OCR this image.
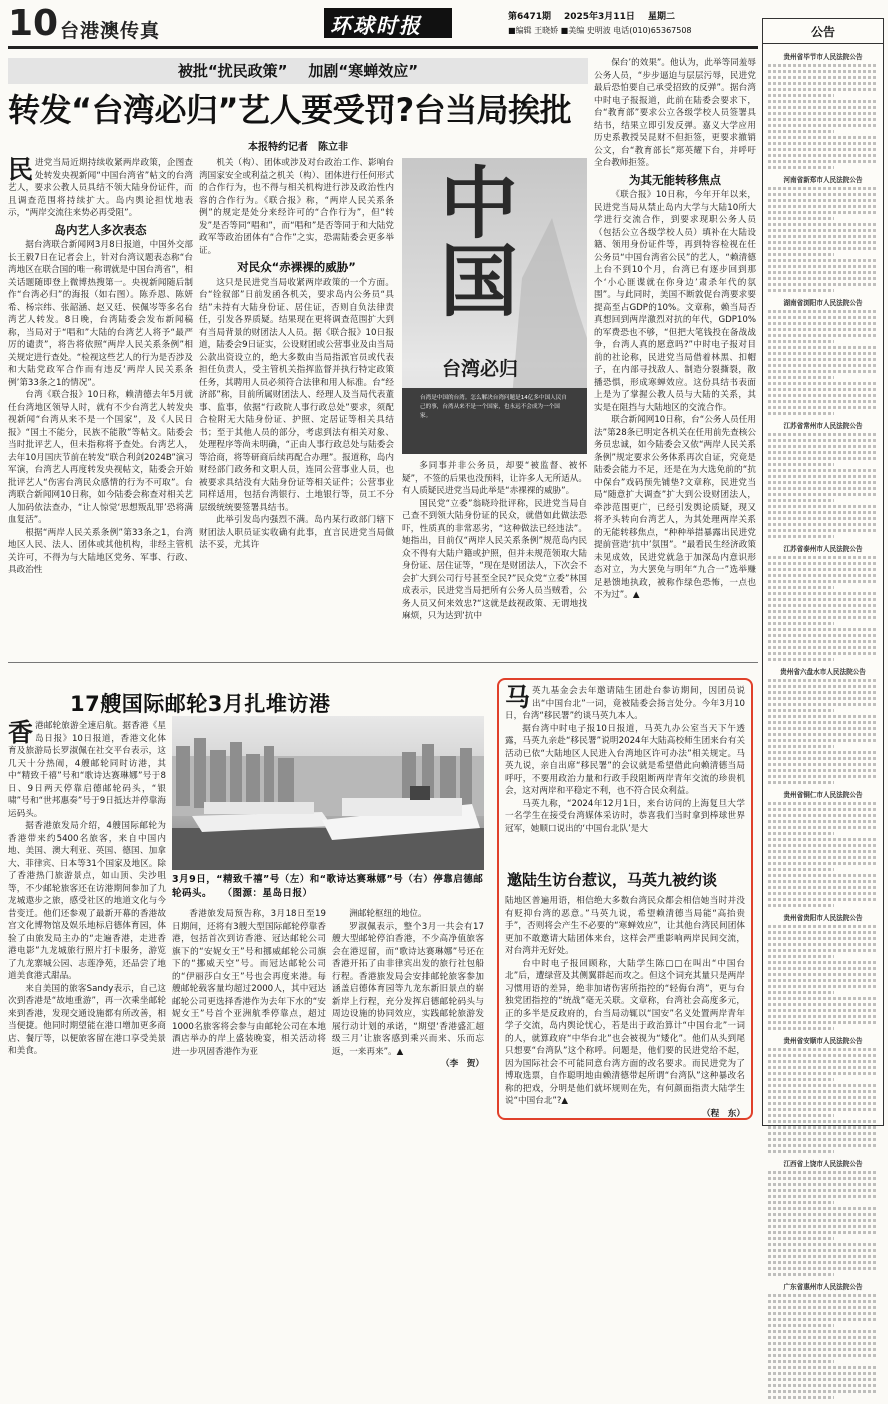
10 台港澳传真	环球时报	第6471期 2025年3月11日 星期二
■编辑 王晓娇 ■美编 史明波 电话(010)65367508	公告
贵州省毕节市人民法院公告
河南省新郑市人民法院公告
湖南省浏阳市人民法院公告
江苏省常州市人民法院公告
江苏省泰州市人民法院公告
贵州省六盘水市人民法院公告
贵州省铜仁市人民法院公告
贵州省贵阳市人民法院公告
贵州省安顺市人民法院公告
江西省上饶市人民法院公告
广东省惠州市人民法院公告
被批“扰民政策”    加剧“寒蝉效应”
转发“台湾必归”艺人要受罚?台当局挨批
本报特约记者　陈立非
民 进党当局近期持续收紧两岸政策，企图查处转发央视新闻“中国台湾省”帖文的台湾艺人，要求公教人员具结不领大陆身份证件，而且调查范围将持续扩大。岛内舆论担忧地表示，“两岸交流往来势必再受阻”。
岛内艺人多次表态

据台湾联合新闻网3月8日报道，中国外交部长王毅7日在记者会上，针对台湾议题表态称“台湾地区在联合国的唯一称谓就是中国台湾省”，相关话题随即登上微博热搜第一。央视新闻随后制作“台湾必归”的海报（如右图）。陈乔恩、陈妍希、杨宗纬、张韶涵、赵又廷、侯佩岑等多名台湾艺人转发。8日晚，台湾陆委会发布新闻稿称，当局对于“唱和”大陆的台湾艺人将予“最严厉的谴责”，将告将依照“两岸人民关系条例”相关规定进行查处。“检视这些艺人的行为是否涉及和大陆党政军合作而有违反‘两岸人民关系条例’第33条之1的情况”。

台湾《联合报》10日称，赖清德去年5月就任台湾地区领导人时，就有不少台湾艺人转发央视新闻“台湾从来不是一个国家”，及《人民日报》“国土不能分，民族不能散”等帖文。陆委会当时批评艺人，但未指称将予查处。台湾艺人，去年10月国庆节前在转发“联合利剑2024B”演习军演，台湾艺人再度转发央视帖文，陆委会开始批评艺人“伤害台湾民众感情的行为不可取”。台湾联合新闻网10日称，如今陆委会称查对相关艺人加码依法查办，“让人惊觉‘思想叛乱罪’恐将满血复活”。

根据“两岸人民关系条例”第33条之1，台湾地区人民、法人、团体或其他机构，非经主管机关许可，不得为与大陆地区党务、军事、行政、具政治性

机关（构）、团体或涉及对台政治工作、影响台湾国家安全或利益之机关（构）、团体进行任何形式的合作行为，也不得与相关机构进行涉及政治性内容的合作行为。《联合报》称，“两岸人民关系条例”的规定是处分来经许可的“合作行为”，但“转发”是否等同“唱和”，而“唱和”是否等同于和大陆党政军等政治团体有“合作”之实，恐需陆委会更多举证。

对民众“赤裸裸的威胁”

这只是民进党当局收紧两岸政策的一个方面。台“铨叙部”日前发函各机关，要求岛内公务员“具结”未持有大陆身份证、居住证，否则自负法律责任，引发各界质疑。结果现在更将调查范围扩大到有当局背景的财团法人人员。据《联合报》10日报道，陆委会9日证实，公设财团或公营事业及由当局公款出资设立的，绝大多数由当局指派官员或代表担任负责人，受主管机关指挥监督并执行特定政策任务，其聘用人员必须符合法律和用人标准。台“经济部”称，目前所属财团法人、经理人及当局代表董事、监事，依据“行政院人事行政总处”要求，须配合检附无大陆身份证、护照、定居证等相关具结书；至于其他人员的部分，考虑到法有相关对象、处理程序等尚未明确，“正由人事行政总处与陆委会等洽商，将等研商后续再配合办理”。报道称，岛内财经部门政务和文职人员，连同公营事业人员，也被要求具结没有大陆身份证等相关证件；公营事业同样适用，包括台湾银行、土地银行等，员工不分层级统统要签署具结书。

此举引发岛内强烈不满。岛内某行政部门辖下财团法人职员证实收确有此事，直言民进党当局做法不妥，尤其许

中国
台湾必归
台湾是中国的台湾。怎么解决台湾问题是14亿多中国人民自己的事，台湾从来不是一个国家，也永远不会成为一个国家。

多同事并非公务员，却要“被监督、被怀疑”，不签的后果也没预料，让许多人无所适从。有人质疑民进党当局此举是“赤裸裸的威胁”。

国民党“立委”翁晓玲批评称，民进党当局自己查不到领大陆身份证的民众，就借如此做法恐吓，性质真的非常恶劣，“这种做法已经违法”。她指出，目前仅“两岸人民关系条例”规范岛内民众不得有大陆户籍或护照，但并未规范领取大陆身份证、居住证等，“现在是财团法人，下次会不会扩大到公司行号甚至全民?”民众党“立委”林国成表示，民进党当局把所有公务人员当贼看，公务人员又何来效忠?“这就是歧视政策、无谓地找麻烦，只为达到‘抗中

保台’的效果”。他认为，此举等同羞辱公务人员，“步步逼迫与层层污辱，民进党最后恐怕要自己承受招致的反弹”。据台湾中时电子报报道，此前在陆委会要求下，台“教育部”要求公立各级学校人员签署具结书，结果立即引发反弹。嘉义大学应用历史系教授吴昆财不但拒签，更要求撤销公文，台“教育部长”郑英耀下台，并呼吁全台教师拒签。

为其无能转移焦点

《联合报》10日称，今年开年以来，民进党当局从禁止岛内大学与大陆10所大学进行交流合作，到要求现职公务人员（包括公立各级学校人员）填补在大陆设籍、领用身份证件等，再到特容检视在任公务员“中国台湾省公民”的艺人，“赖清德上台不到10个月，台湾已有逐步回到那个‘小心匪谍就在你身边’肃杀年代的氛围”。与此同时，美国不断敦促台湾要求要提高至占GDP的10%。文章称，赖当局否真想回到两岸激烈对抗的年代，GDP10%的军费恐也不够，“但把大笔钱投在备战战争，台湾人真的愿意吗?”中时电子报对目前的社论称，民进党当局借着林黑、扣帽子，在内部寻找敌人、制造分裂撕裂，散播恐惧，形成寒蝉效应。这份具结书表面上是为了掌握公教人员与大陆的关系，其实是在阻挡与大陆地区的交流合作。

联合新闻网10日称，台“公务人员任用法”第28条已明定各机关在任用前先查核公务员忠诚，如今陆委会又依“两岸人民关系条例”规定要求公务体系再次自证，究竟是陆委会能力不足，还是在为大选免前的“抗中保台”戏码预先铺垫?文章称，民进党当局“随意扩大调查”扩大到公设财团法人，牵涉范围更广，已经引发舆论质疑，现又将矛头转向台湾艺人，为其处理两岸关系的无能转移焦点，“种种举措暴露出民进党提前营造‘抗中’氛围”。“最看民生经济政策未见成效，民进党就急于加深岛内意识形态对立，为大罢免与明年“九合一”选举赚足悬馈地执政，被称作绿色恐怖，一点也不为过”。▲

17艘国际邮轮3月扎堆访港
香 港邮轮旅游全速启航。据香港《星岛日报》10日报道，香港文化体育及旅游局长罗淑佩在社交平台表示，这几天十分热闹，4艘邮轮同时访港，其中“精致千禧”号和“歌诗达赛琳娜”号于8日、9日两天停靠启德邮轮码头，“银啸”号和“世邦惠奏”号于9日抵达并停靠海运码头。

据香港旅发局介绍，4艘国际邮轮为香港带来约5400名旅客，来自中国内地、美国、澳大利亚、英国、德国、加拿大、菲律宾、日本等31个国家及地区。除了香港热门旅游景点，如山顶、尖沙咀等，不少邮轮旅客还在访港期间参加了九龙城遨步之旅，感受社区的地道文化与今昔变迁。他们还参观了最新开幕的香港故宫文化博物馆及娱乐地标启德体育园，体验了由旅发局主办的“走遍香港，走进香港电影”九龙城旅行照片打卡服务，游览了九龙寨城公园、志莲净苑，还品尝了地道美食港式甜品。

来自美国的旅客Sandy表示，自己这次到香港是“故地重游”，再一次乘坐邮轮来到香港，发现交通设施都有所改善，相当便捷。他同时期望能在港口增加更多商店、餐厅等，以便旅客留在港口享受美景和美食。

3月9日，“精致千禧”号（左）和“歌诗达赛琳娜”号（右）停靠启德邮轮码头。　　（图源：星岛日报）

香港旅发局预告称，3月18日至19日期间，还将有3艘大型国际邮轮停靠香港，包括首次到访香港、冠达邮轮公司旗下的“安妮女王”号和挪威邮轮公司旗下的“挪威天空”号。而冠达邮轮公司的“伊丽莎白女王”号也会再度来港。每艘邮轮载客量均超过2000人，其中冠达邮轮公司更选择香港作为去年下水的“安妮女王”号首个亚洲航季停靠点，超过1000名旅客将会参与由邮轮公司在本地酒店举办的岸上盛装晚宴，相关活动将进一步巩固香港作为亚

洲邮轮枢纽的地位。

罗淑佩表示，整个3月一共会有17艘大型邮轮停泊香港，不少高净值旅客会在港逗留，而“歌诗达赛琳娜”号还在香港开拓了由非律宾出发的旅行社包船行程。香港旅发局会安排邮轮旅客参加涵盖启德体育园等九龙东新旧景点的崭新岸上行程，充分发挥启德邮轮码头与周边设施的协同效应，实践邮轮旅游发展行动计划的承诺，“期望‘香港盛汇超级三月’让旅客感到乘兴而来、乐而忘返，一来再来”。▲

（李　贺）
马 英九基金会去年邀请陆生团赴台参访期间，因团员说出“中国台北”一词，竟被陆委会扬言处分。今年3月10日，台湾“移民署”约谈马英九本人。

据台湾中时电子报10日报道，马英九办公室当天下午透露，马英九亲赴“移民署”说明2024年大陆高校师生团来台有关活动已依“大陆地区人民进入台湾地区许可办法”相关规定。马英九说，亲自出席“移民署”的会议就是希望借此向赖清德当局呼吁，不要用政治力量和行政手段阻断两岸青年交流的珍贵机会，这对两岸和平稳定不利，也不符合民众利益。

马英九称，“2024年12月1日，来台访问的上海复旦大学一名学生在接受台湾媒体采访时，恭喜我们当时拿到棒球世界冠军，她顺口说出的‘中国台北队’是大

邀陆生访台惹议，马英九被约谈

陆地区普遍用语，相信绝大多数台湾民众都会相信她当时并没有贬抑台湾的恶意。”马英九说，希望赖清德当局能“高抬贵手”，否则将会产生不必要的“寒蝉效应”，让其他台湾民间团体更加不敢邀请大陆团体来台，这样会严重影响两岸民间交流，对台湾并无好处。

台中时电子报回顾称，大陆学生陈□□在叫出“中国台北”后，遭绿营及其侧翼群起而攻之。但这个词充其量只是两岸习惯用语的差异，绝非加诸伤害所指控的“轻侮台湾”，更与台独党团指控的“统战”毫无关联。文章称，台湾社会高度多元，正的多半是反政府的，台当局动辄以“国安”名义处置两岸青年学子交流，岛内舆论忧心，若是出于政治算计“中国台北”一词的人，就算政府“中华台北”也会被视为“矮化”。他们从头到尾只想要“台湾队”这个称呼。问题是，他们要的民进党给不起，因为国际社会不可能同意台湾方面的改名要求。而民进党为了博取选票，自作聪明地由赖清德带起所谓“台湾队”这种暴改名称的把戏，分明是他们就坏规则在先，有何颜面指责大陆学生说“中国台北”?▲

（程　东）
